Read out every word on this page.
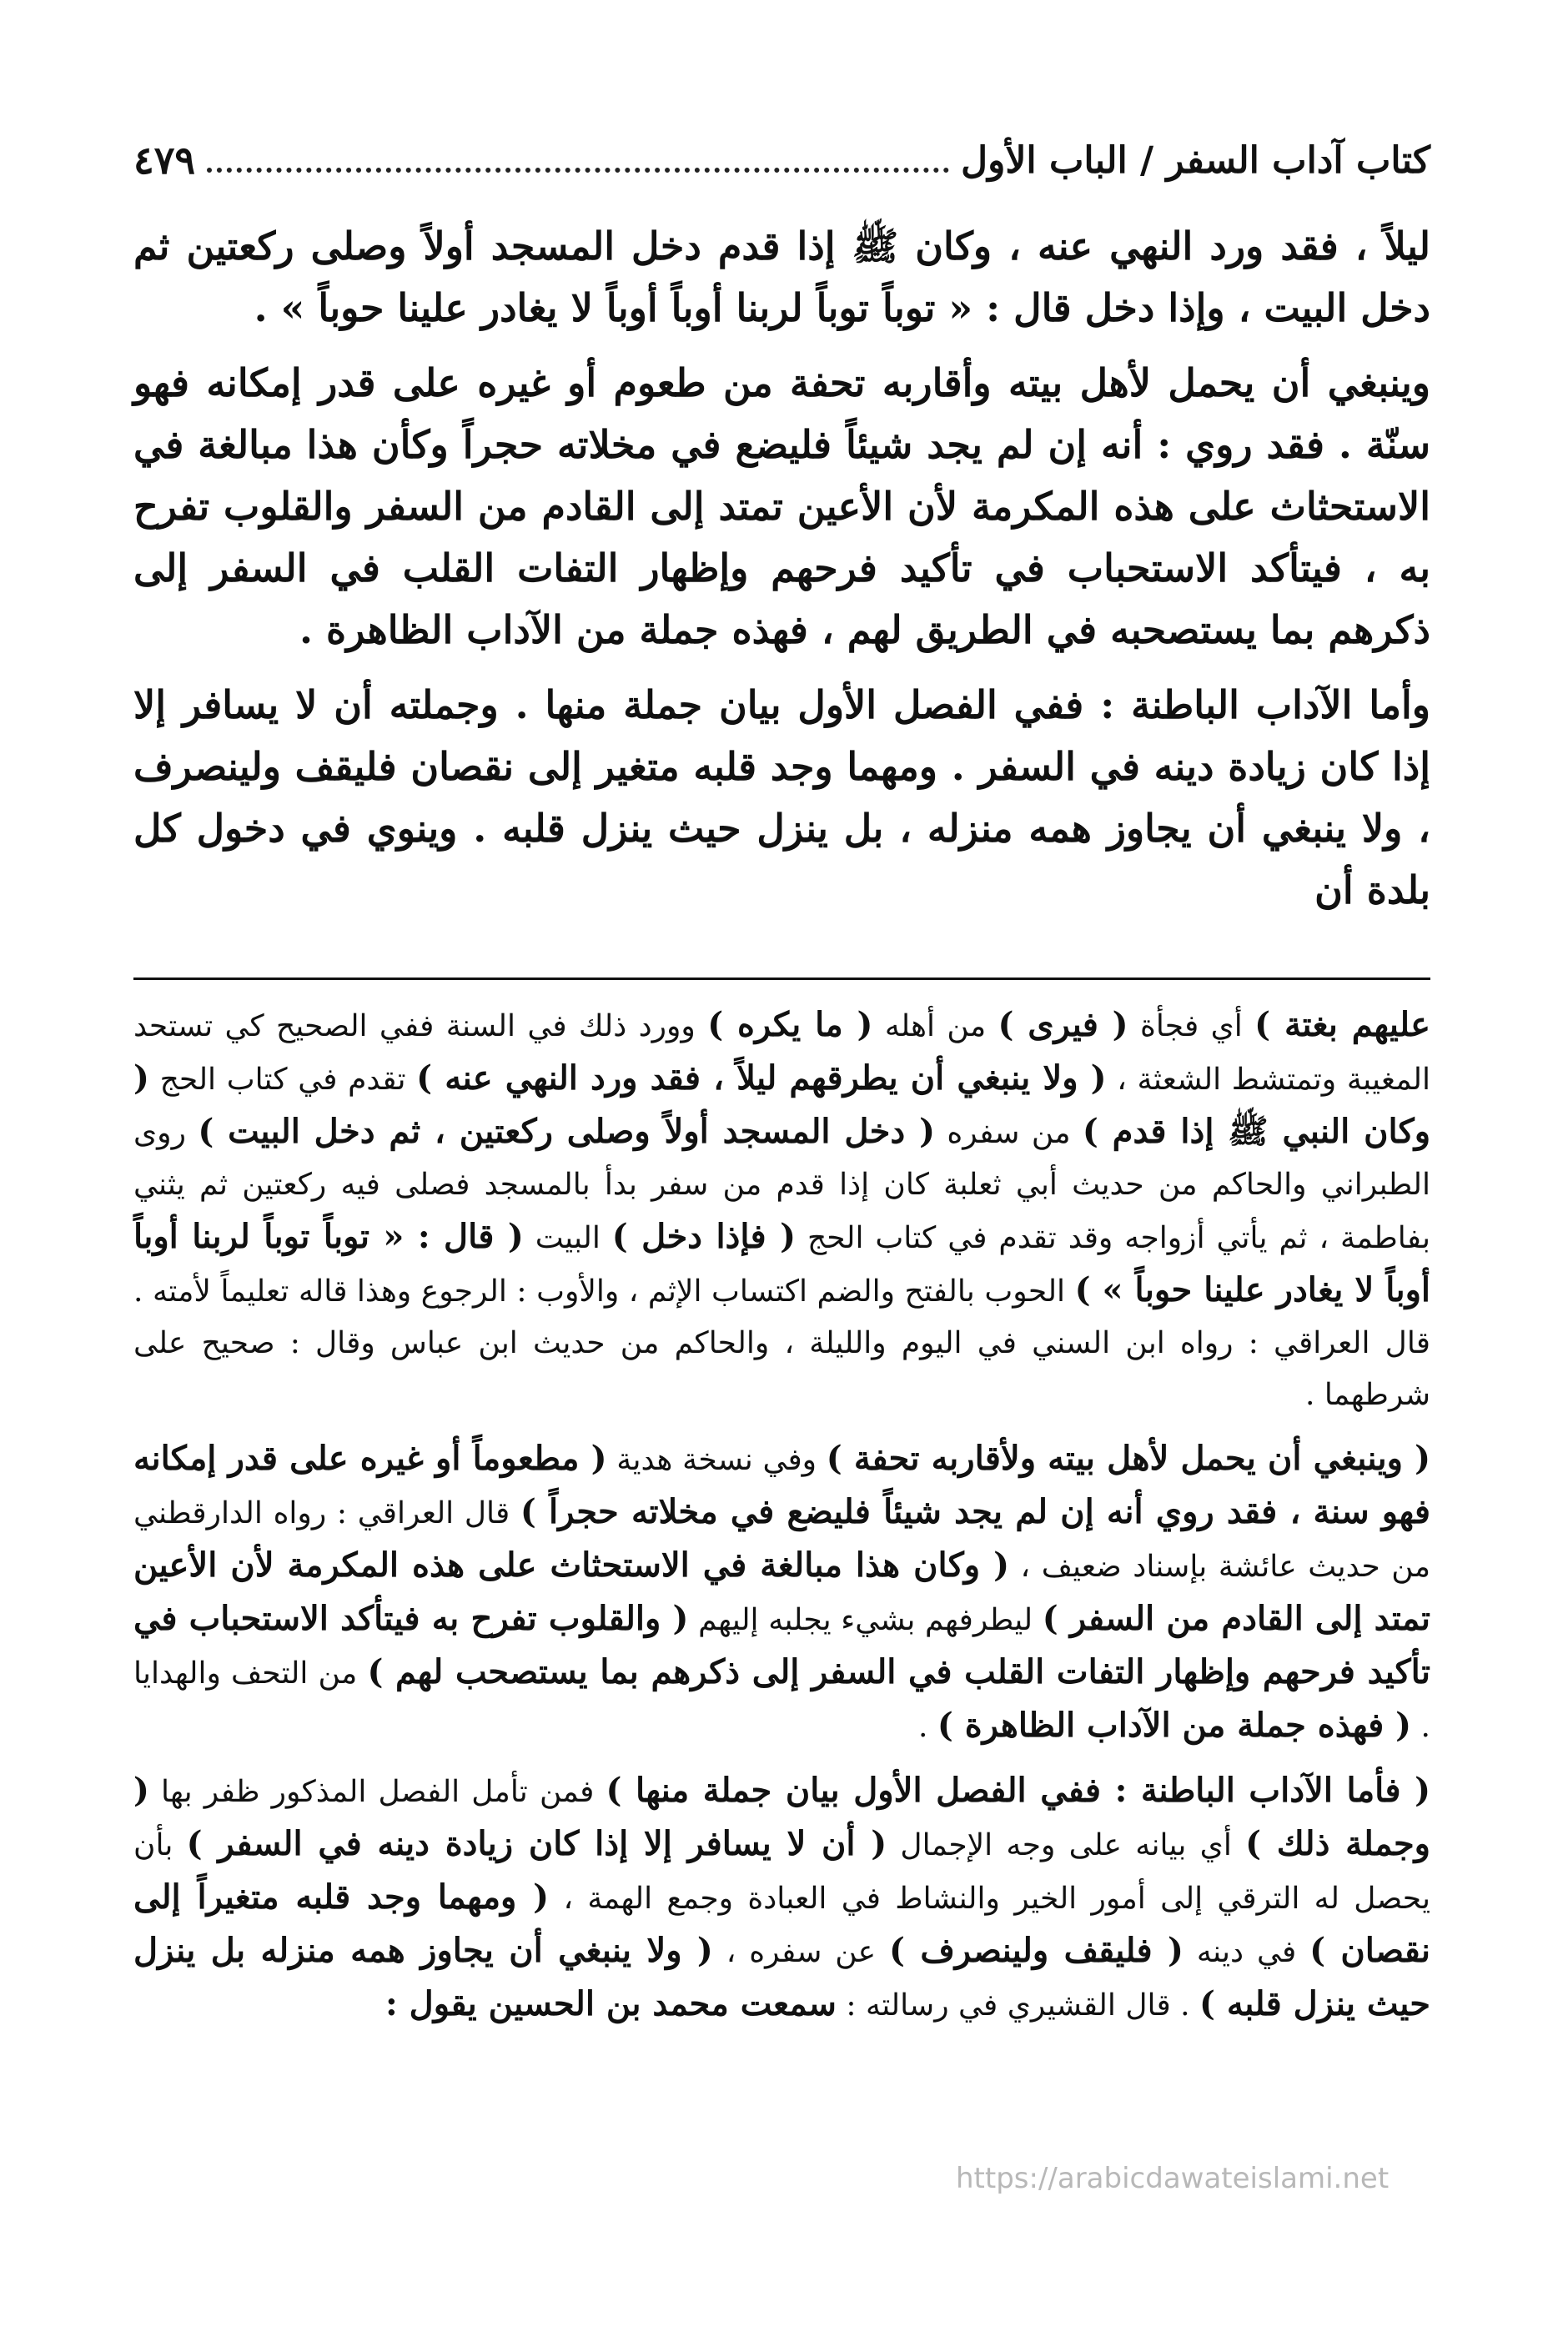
كتاب آداب السفر / الباب الأول
٤٧٩

ليلاً ، فقد ورد النهي عنه ، وكان ﷺ إذا قدم دخل المسجد أولاً وصلى ركعتين ثم دخل البيت ، وإذا دخل قال : « توباً توباً لربنا أوباً أوباً لا يغادر علينا حوباً » .

وينبغي أن يحمل لأهل بيته وأقاربه تحفة من طعوم أو غيره على قدر إمكانه فهو سنّة . فقد روي : أنه إن لم يجد شيئاً فليضع في مخلاته حجراً وكأن هذا مبالغة في الاستحثاث على هذه المكرمة لأن الأعين تمتد إلى القادم من السفر والقلوب تفرح به ، فيتأكد الاستحباب في تأكيد فرحهم وإظهار التفات القلب في السفر إلى ذكرهم بما يستصحبه في الطريق لهم ، فهذه جملة من الآداب الظاهرة .

وأما الآداب الباطنة : ففي الفصل الأول بيان جملة منها . وجملته أن لا يسافر إلا إذا كان زيادة دينه في السفر . ومهما وجد قلبه متغير إلى نقصان فليقف ولينصرف ، ولا ينبغي أن يجاوز همه منزله ، بل ينزل حيث ينزل قلبه . وينوي في دخول كل بلدة أن

عليهم بغتة ) أي فجأة ( فيرى ) من أهله ( ما يكره ) وورد ذلك في السنة ففي الصحيح كي تستحد المغيبة وتمتشط الشعثة ، ( ولا ينبغي أن يطرقهم ليلاً ، فقد ورد النهي عنه ) تقدم في كتاب الحج ( وكان النبي ﷺ إذا قدم ) من سفره ( دخل المسجد أولاً وصلى ركعتين ، ثم دخل البيت ) روى الطبراني والحاكم من حديث أبي ثعلبة كان إذا قدم من سفر بدأ بالمسجد فصلى فيه ركعتين ثم يثني بفاطمة ، ثم يأتي أزواجه وقد تقدم في كتاب الحج ( فإذا دخل ) البيت ( قال : « توباً توباً لربنا أوباً أوباً لا يغادر علينا حوباً » ) الحوب بالفتح والضم اكتساب الإثم ، والأوب : الرجوع وهذا قاله تعليماً لأمته . قال العراقي : رواه ابن السني في اليوم والليلة ، والحاكم من حديث ابن عباس وقال : صحيح على شرطهما .

( وينبغي أن يحمل لأهل بيته ولأقاربه تحفة ) وفي نسخة هدية ( مطعوماً أو غيره على قدر إمكانه فهو سنة ، فقد روي أنه إن لم يجد شيئاً فليضع في مخلاته حجراً ) قال العراقي : رواه الدارقطني من حديث عائشة بإسناد ضعيف ، ( وكان هذا مبالغة في الاستحثاث على هذه المكرمة لأن الأعين تمتد إلى القادم من السفر ) ليطرفهم بشيء يجلبه إليهم ( والقلوب تفرح به فيتأكد الاستحباب في تأكيد فرحهم وإظهار التفات القلب في السفر إلى ذكرهم بما يستصحب لهم ) من التحف والهدايا . ( فهذه جملة من الآداب الظاهرة ) .

( فأما الآداب الباطنة : ففي الفصل الأول بيان جملة منها ) فمن تأمل الفصل المذكور ظفر بها ( وجملة ذلك ) أي بيانه على وجه الإجمال ( أن لا يسافر إلا إذا كان زيادة دينه في السفر ) بأن يحصل له الترقي إلى أمور الخير والنشاط في العبادة وجمع الهمة ، ( ومهما وجد قلبه متغيراً إلى نقصان ) في دينه ( فليقف ولينصرف ) عن سفره ، ( ولا ينبغي أن يجاوز همه منزله بل ينزل حيث ينزل قلبه ) . قال القشيري في رسالته : سمعت محمد بن الحسين يقول :

https://arabicdawateislami.net
